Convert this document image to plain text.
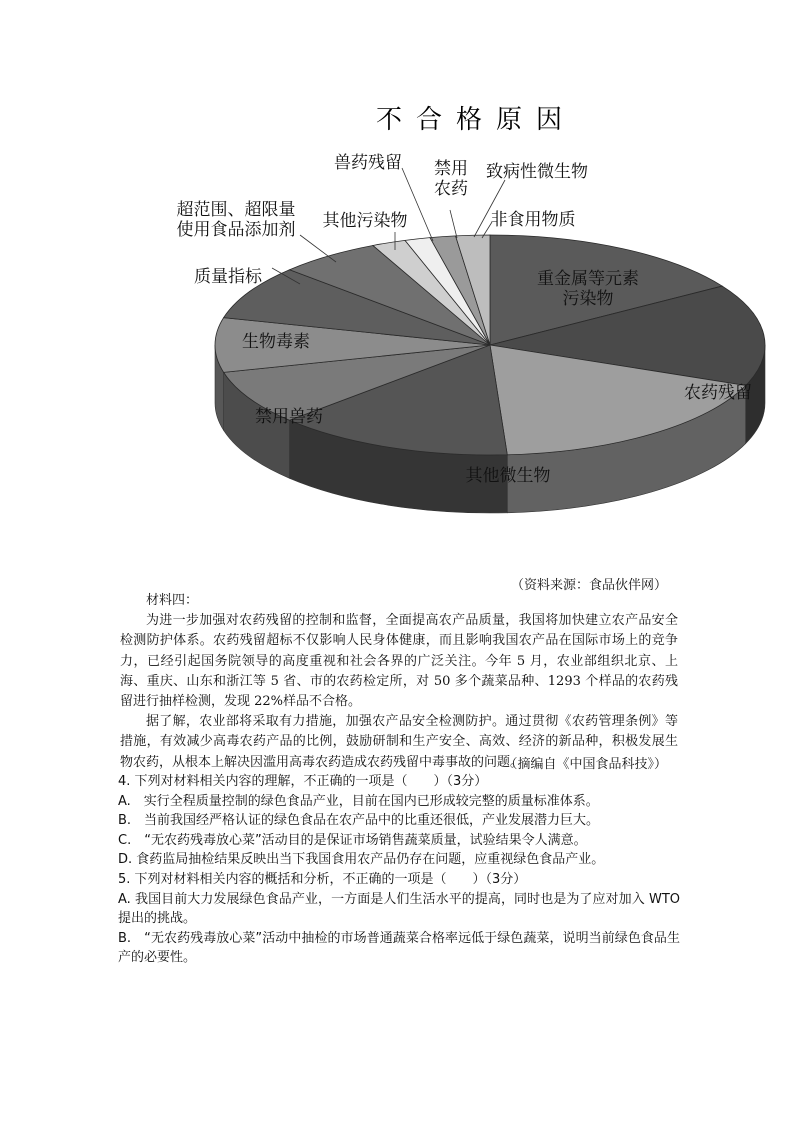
不合格原因
重金属等元素污染物
农药残留
其他微生物
禁用兽药
生物毒素
质量指标
超范围、超限量使用食品添加剂 其他污染物
兽药残留 禁用农药
致病性微生物
非食用物质
（资料来源：食品伙伴网）
材料四：

为进一步加强对农药残留的控制和监督，全面提高农产品质量，我国将加快建立农产品安全检测防护体系。农药残留超标不仅影响人民身体健康，而且影响我国农产品在国际市场上的竞争力，已经引起国务院领导的高度重视和社会各界的广泛关注。今年 5 月，农业部组织北京、上海、重庆、山东和浙江等 5 省、市的农药检定所，对 50 多个蔬菜品种、1293 个样品的农药残留进行抽样检测，发现 22%样品不合格。

据了解，农业部将采取有力措施，加强农产品安全检测防护。通过贯彻《农药管理条例》等措施，有效减少高毒农药产品的比例，鼓励研制和生产安全、高效、经济的新品种，积极发展生物农药，从根本上解决因滥用高毒农药造成农药残留中毒事故的问题。

（摘编自《中国食品科技》）
4. 下列对材料相关内容的理解，不正确的一项是（　　）（3分）
A.　实行全程质量控制的绿色食品产业，目前在国内已形成较完整的质量标准体系。
B.　当前我国经严格认证的绿色食品在农产品中的比重还很低，产业发展潜力巨大。
C.　“无农药残毒放心菜”活动目的是保证市场销售蔬菜质量，试验结果令人满意。
D. 食药监局抽检结果反映出当下我国食用农产品仍存在问题，应重视绿色食品产业。
5. 下列对材料相关内容的概括和分析，不正确的一项是（　　）（3分）
A. 我国目前大力发展绿色食品产业，一方面是人们生活水平的提高，同时也是为了应对加入 WTO 提出的挑战。
B.　“无农药残毒放心菜”活动中抽检的市场普通蔬菜合格率远低于绿色蔬菜，说明当前绿色食品生产的必要性。
